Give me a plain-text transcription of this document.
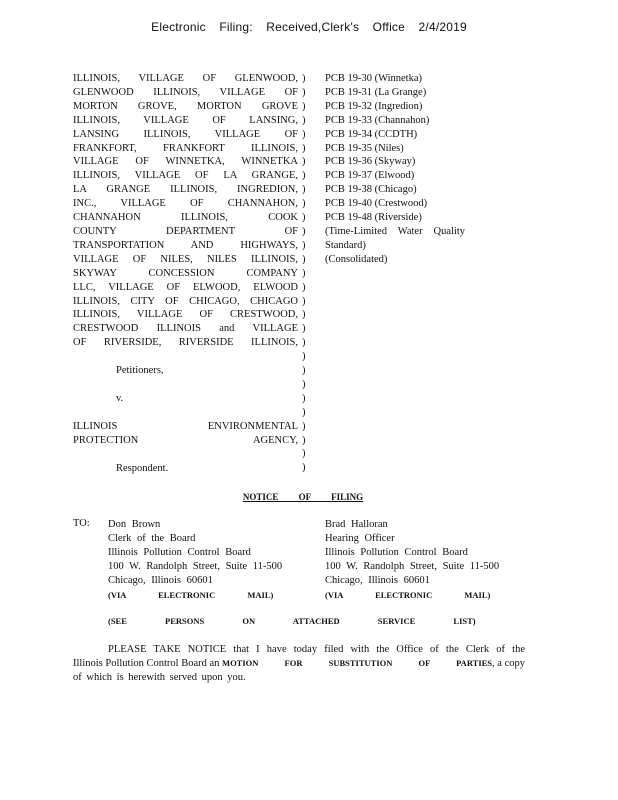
Electronic Filing: Received,Clerk's Office 2/4/2019
ILLINOIS, VILLAGE OF GLENWOOD,
GLENWOOD ILLINOIS, VILLAGE OF
MORTON GROVE, MORTON GROVE
ILLINOIS, VILLAGE OF LANSING,
LANSING ILLINOIS, VILLAGE OF
FRANKFORT, FRANKFORT ILLINOIS,
VILLAGE OF WINNETKA, WINNETKA
ILLINOIS, VILLAGE OF LA GRANGE,
LA GRANGE ILLINOIS, INGREDION,
INC., VILLAGE OF CHANNAHON,
CHANNAHON ILLINOIS, COOK
COUNTY DEPARTMENT OF
TRANSPORTATION AND HIGHWAYS,
VILLAGE OF NILES, NILES ILLINOIS,
SKYWAY CONCESSION COMPANY
LLC, VILLAGE OF ELWOOD, ELWOOD
ILLINOIS, CITY OF CHICAGO, CHICAGO
ILLINOIS, VILLAGE OF CRESTWOOD,
CRESTWOOD ILLINOIS and VILLAGE
OF RIVERSIDE, RIVERSIDE ILLINOIS,
Petitioners,
v.
ILLINOIS ENVIRONMENTAL
PROTECTION AGENCY,
Respondent.
)
)
)
)
)
)
)
)
)
)
)
)
)
)
)
)
)
)
)
)
)
)
)
)
)
)
)
)
)
PCB 19-30 (Winnetka)
PCB 19-31 (La Grange)
PCB 19-32 (Ingredion)
PCB 19-33 (Channahon)
PCB 19-34 (CCDTH)
PCB 19-35 (Niles)
PCB 19-36 (Skyway)
PCB 19-37 (Elwood)
PCB 19-38 (Chicago)
PCB 19-40 (Crestwood)
PCB 19-48 (Riverside)
(Time-Limited Water Quality
Standard)
(Consolidated)
NOTICE OF FILING
TO: Don Brown
Clerk of the Board
Illinois Pollution Control Board
100 W. Randolph Street, Suite 11-500
Chicago, Illinois 60601
(VIA ELECTRONIC MAIL)
Brad Halloran
Hearing Officer
Illinois Pollution Control Board
100 W. Randolph Street, Suite 11-500
Chicago, Illinois 60601
(VIA ELECTRONIC MAIL)
(SEE PERSONS ON ATTACHED SERVICE LIST)
PLEASE TAKE NOTICE that I have today filed with the Office of the Clerk of the
Illinois Pollution Control Board an MOTION FOR SUBSTITUTION OF PARTIES, a copy
of which is herewith served upon you.
